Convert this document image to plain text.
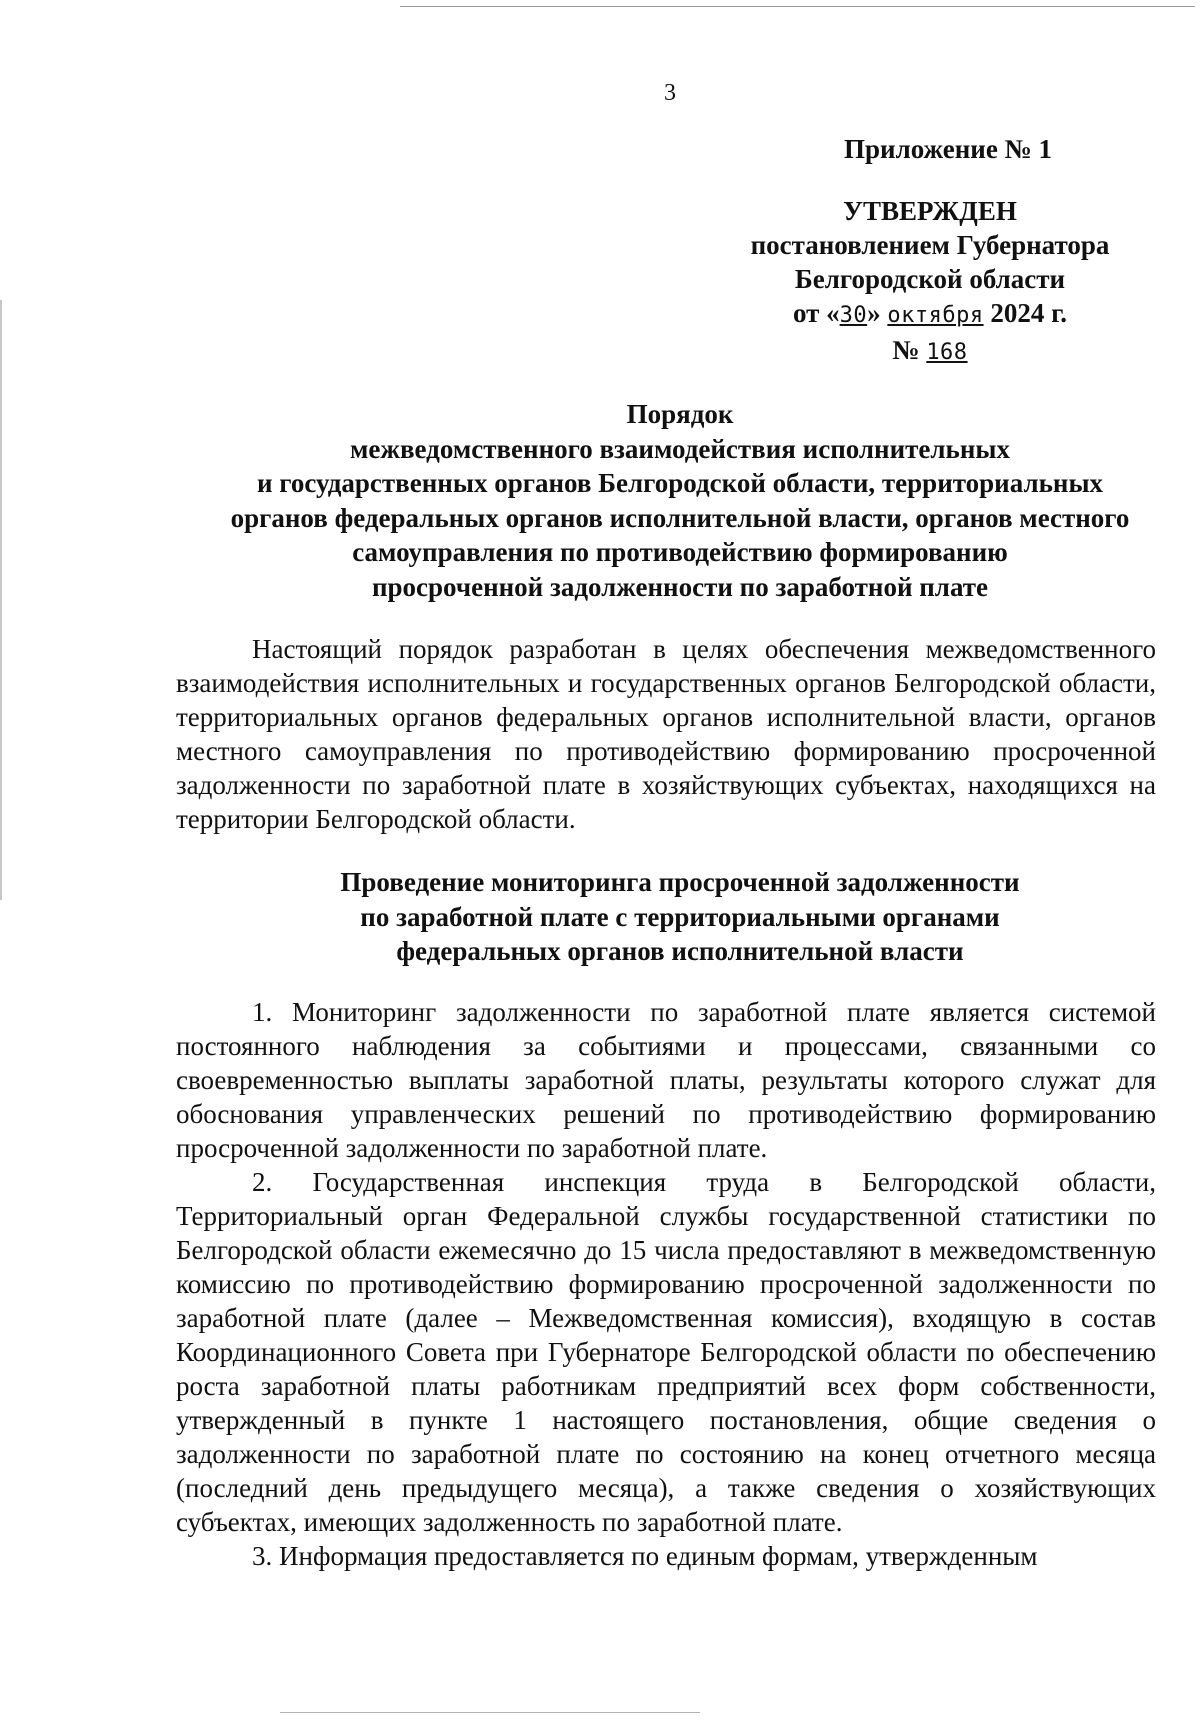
3
Приложение № 1
УТВЕРЖДЕН
постановлением Губернатора
Белгородской области
от «30» октября 2024 г.
№ 168
Порядок
межведомственного взаимодействия исполнительных
и государственных органов Белгородской области, территориальных
органов федеральных органов исполнительной власти, органов местного
самоуправления по противодействию формированию
просроченной задолженности по заработной плате
Настоящий порядок разработан в целях обеспечения межведомственного взаимодействия исполнительных и государственных органов Белгородской области, территориальных органов федеральных органов исполнительной власти, органов местного самоуправления по противодействию формированию просроченной задолженности по заработной плате в хозяйствующих субъектах, находящихся на территории Белгородской области.
Проведение мониторинга просроченной задолженности
по заработной плате с территориальными органами
федеральных органов исполнительной власти

1. Мониторинг задолженности по заработной плате является системой постоянного наблюдения за событиями и процессами, связанными со своевременностью выплаты заработной платы, результаты которого служат для обоснования управленческих решений по противодействию формированию просроченной задолженности по заработной плате.

2. Государственная инспекция труда в Белгородской области, Территориальный орган Федеральной службы государственной статистики по Белгородской области ежемесячно до 15 числа предоставляют в межведомственную комиссию по противодействию формированию просроченной задолженности по заработной плате (далее – Межведомственная комиссия), входящую в состав Координационного Совета при Губернаторе Белгородской области по обеспечению роста заработной платы работникам предприятий всех форм собственности, утвержденный в пункте 1 настоящего постановления, общие сведения о задолженности по заработной плате по состоянию на конец отчетного месяца (последний день предыдущего месяца), а также сведения о хозяйствующих субъектах, имеющих задолженность по заработной плате.

3. Информация предоставляется по единым формам, утвержденным
